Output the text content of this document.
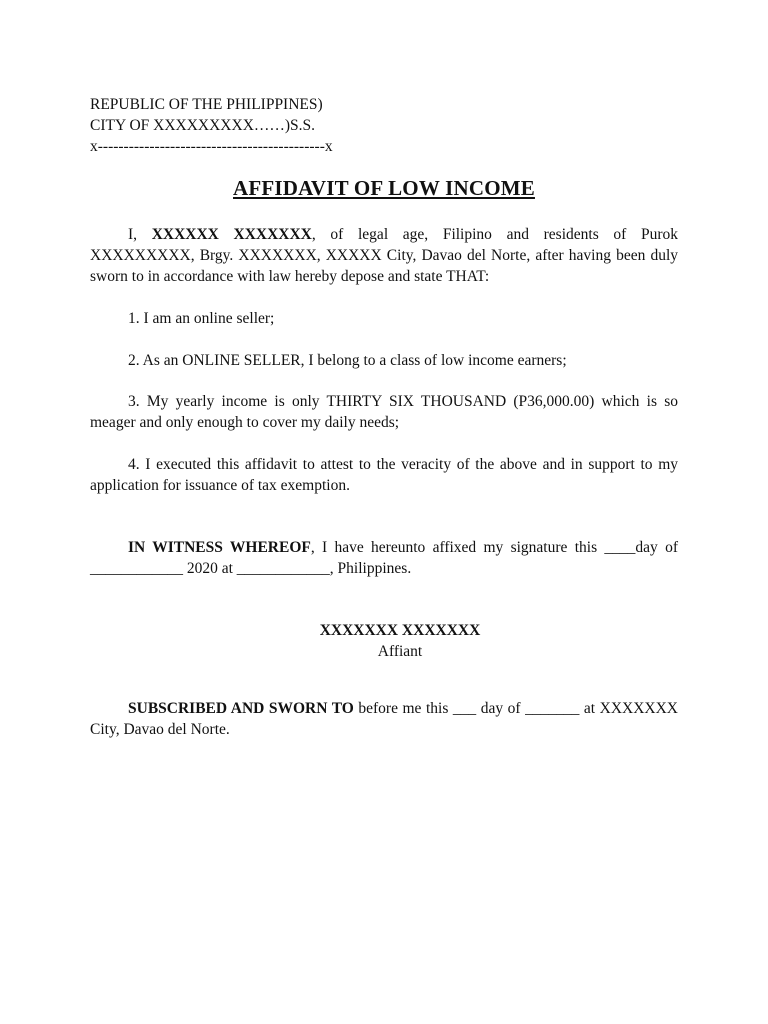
REPUBLIC OF THE PHILIPPINES)
CITY OF XXXXXXXXX……)S.S.
x--------------------------------------------x
AFFIDAVIT OF LOW INCOME
I, XXXXXX XXXXXXX, of legal age, Filipino and residents of Purok XXXXXXXXX, Brgy. XXXXXXX, XXXXX City, Davao del Norte, after having been duly sworn to in accordance with law hereby depose and state THAT:
1. I am an online seller;
2. As an ONLINE SELLER, I belong to a class of low income earners;
3. My yearly income is only THIRTY SIX THOUSAND (P36,000.00) which is so meager and only enough to cover my daily needs;
4. I executed this affidavit to attest to the veracity of the above and in support to my application for issuance of tax exemption.
IN WITNESS WHEREOF, I have hereunto affixed my signature this ____day of ____________ 2020 at ____________, Philippines.
XXXXXXX XXXXXXX
Affiant
SUBSCRIBED AND SWORN TO before me this ___ day of _______ at XXXXXXX City, Davao del Norte.
